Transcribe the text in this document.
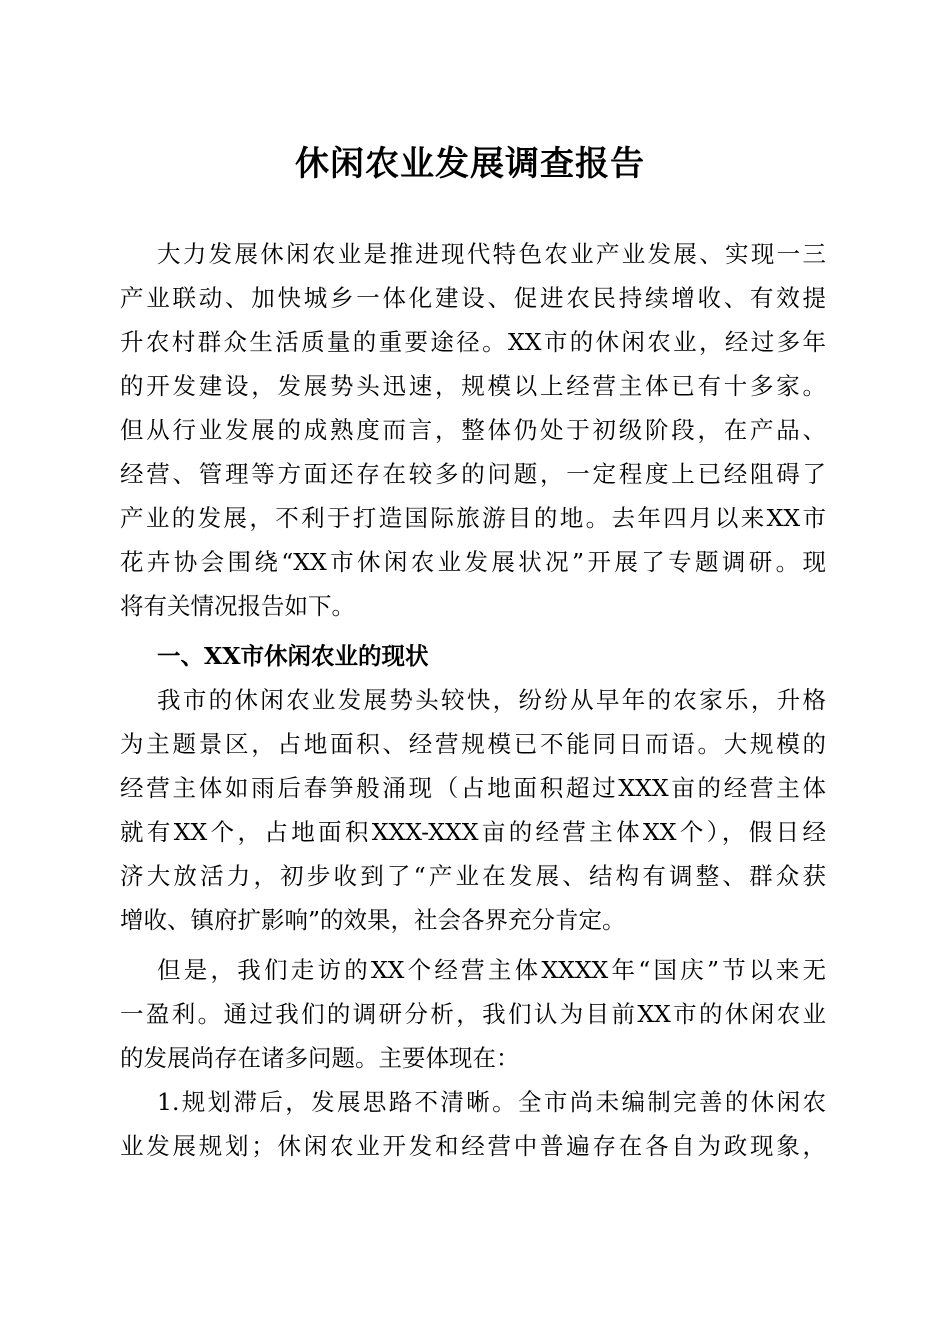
休闲农业发展调查报告
大力发展休闲农业是推进现代特色农业产业发展、实现一三
产业联动、加快城乡一体化建设、促进农民持续增收、有效提
升农村群众生活质量的重要途径。XX市的休闲农业，经过多年
的开发建设，发展势头迅速，规模以上经营主体已有十多家。
但从行业发展的成熟度而言，整体仍处于初级阶段，在产品、
经营、管理等方面还存在较多的问题，一定程度上已经阻碍了
产业的发展，不利于打造国际旅游目的地。去年四月以来XX市
花卉协会围绕“XX市休闲农业发展状况”开展了专题调研。现
将有关情况报告如下。
一、XX市休闲农业的现状
我市的休闲农业发展势头较快，纷纷从早年的农家乐，升格
为主题景区，占地面积、经营规模已不能同日而语。大规模的
经营主体如雨后春笋般涌现（占地面积超过XXX亩的经营主体
就有XX个，占地面积XXX-XXX亩的经营主体XX个），假日经
济大放活力，初步收到了“产业在发展、结构有调整、群众获
增收、镇府扩影响”的效果，社会各界充分肯定。
但是，我们走访的XX个经营主体XXXX年“国庆”节以来无
一盈利。通过我们的调研分析，我们认为目前XX市的休闲农业
的发展尚存在诸多问题。主要体现在：
1.规划滞后，发展思路不清晰。全市尚未编制完善的休闲农
业发展规划；休闲农业开发和经营中普遍存在各自为政现象，
